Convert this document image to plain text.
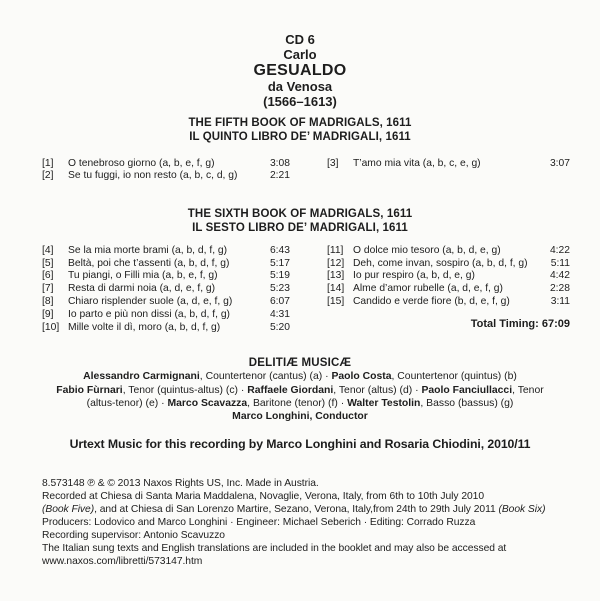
CD 6
Carlo
GESUALDO
da Venosa
(1566–1613)
THE FIFTH BOOK OF MADRIGALS, 1611
IL QUINTO LIBRO DE’ MADRIGALI, 1611
[1]	O tenebroso giorno (a, b, e, f, g)	3:08
[2]	Se tu fuggi, io non resto (a, b, c, d, g)	2:21
[3]	T’amo mia vita (a, b, c, e, g)	3:07
THE SIXTH BOOK OF MADRIGALS, 1611
IL SESTO LIBRO DE’ MADRIGALI, 1611
[4]	Se la mia morte brami (a, b, d, f, g)	6:43
[5]	Beltà, poi che t’assenti (a, b, d, f, g)	5:17
[6]	Tu piangi, o Filli mia (a, b, e, f, g)	5:19
[7]	Resta di darmi noia (a, d, e, f, g)	5:23
[8]	Chiaro risplender suole (a, d, e, f, g)	6:07
[9]	Io parto e più non dissi (a, b, d, f, g)	4:31
[10] Mille volte il dì, moro (a, b, d, f, g)	5:20
[11] O dolce mio tesoro (a, b, d, e, g)	4:22
[12] Deh, come invan, sospiro (a, b, d, f, g)	5:11
[13] Io pur respiro (a, b, d, e, g)	4:42
[14] Alme d’amor rubelle (a, d, e, f, g)	2:28
[15] Candido e verde fiore (b, d, e, f, g)	3:11
Total Timing: 67:09
DELITIÆ MUSICÆ
Alessandro Carmignani, Countertenor (cantus) (a) · Paolo Costa, Countertenor (quintus) (b)
Fabio Fùrnari, Tenor (quintus-altus) (c) · Raffaele Giordani, Tenor (altus) (d) · Paolo Fanciullacci, Tenor
(altus-tenor) (e) · Marco Scavazza, Baritone (tenor) (f) · Walter Testolin, Basso (bassus) (g)
Marco Longhini, Conductor
Urtext Music for this recording by Marco Longhini and Rosaria Chiodini, 2010/11
8.573148 ℗ & © 2013 Naxos Rights US, Inc. Made in Austria.
Recorded at Chiesa di Santa Maria Maddalena, Novaglie, Verona, Italy, from 6th to 10th July 2010
(Book Five), and at Chiesa di San Lorenzo Martire, Sezano, Verona, Italy,from 24th to 29th July 2011 (Book Six)
Producers: Lodovico and Marco Longhini · Engineer: Michael Seberich · Editing: Corrado Ruzza
Recording supervisor: Antonio Scavuzzo
The Italian sung texts and English translations are included in the booklet and may also be accessed at
www.naxos.com/libretti/573147.htm
